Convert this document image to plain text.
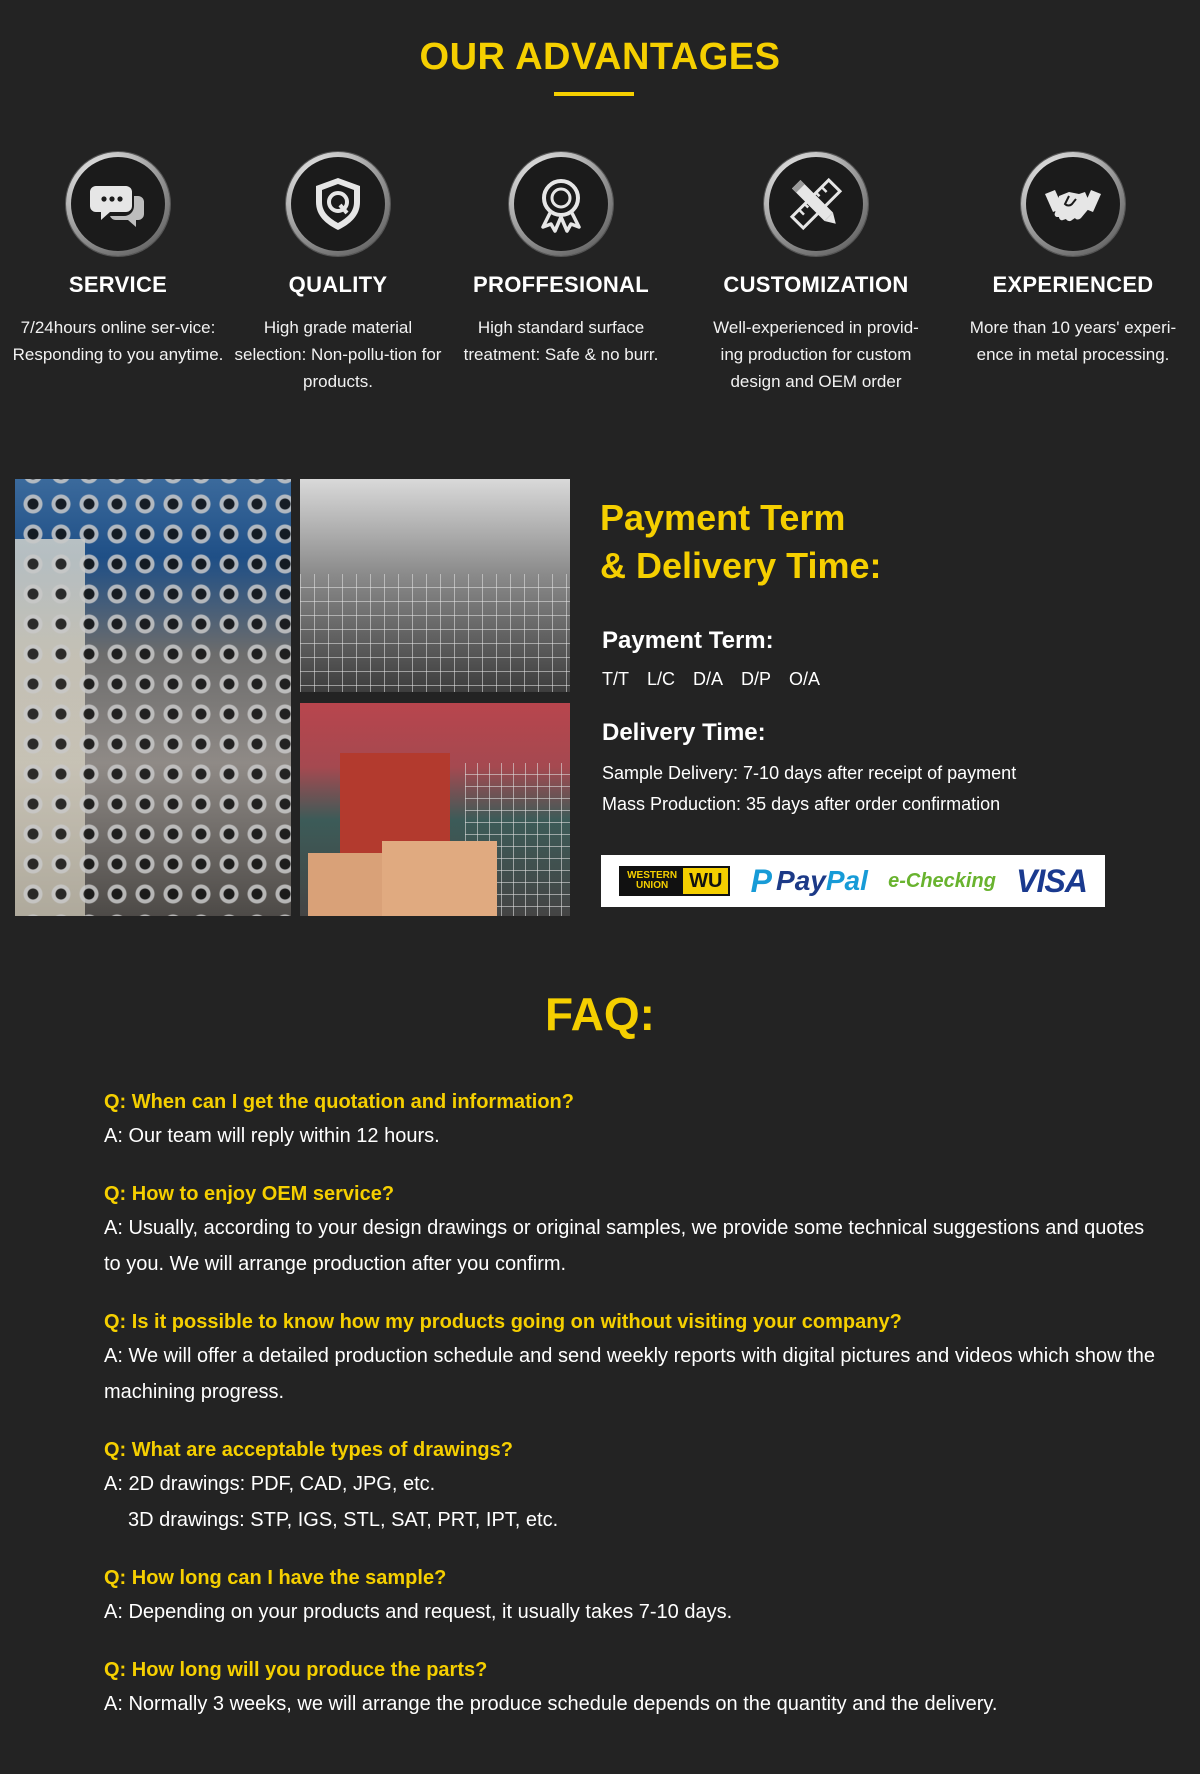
OUR ADVANTAGES
SERVICE
7/24hours online ser-vice: Responding to you anytime.
QUALITY
High grade material selection: Non-pollu-tion for products.
PROFFESIONAL
High standard surface treatment: Safe & no burr.
CUSTOMIZATION
Well-experienced in provid-ing production for custom design and OEM order
EXPERIENCED
More than 10 years' experi-ence in metal processing.
Payment Term
& Delivery Time:
Payment Term:
T/T L/C D/A D/P O/A
Delivery Time:
Sample Delivery: 7-10 days after receipt of payment
Mass Production: 35 days after order confirmation
WESTERN
UNION	WU P PayPal e-Checking VISA
FAQ:
Q: When can I get the quotation and information?
A: Our team will reply within 12 hours.
Q: How to enjoy OEM service?
A: Usually, according to your design drawings or original samples, we provide some technical suggestions and quotes to you. We will arrange production after you confirm.
Q: Is it possible to know how my products going on without visiting your company?
A: We will offer a detailed production schedule and send weekly reports with digital pictures and videos which show the machining progress.
Q: What are acceptable types of drawings?
A: 2D drawings: PDF, CAD, JPG, etc.
3D drawings: STP, IGS, STL, SAT, PRT, IPT, etc.
Q: How long can I have the sample?
A: Depending on your products and request, it usually takes 7-10 days.
Q: How long will you produce the parts?
A: Normally 3 weeks, we will arrange the produce schedule depends on the quantity and the delivery.
